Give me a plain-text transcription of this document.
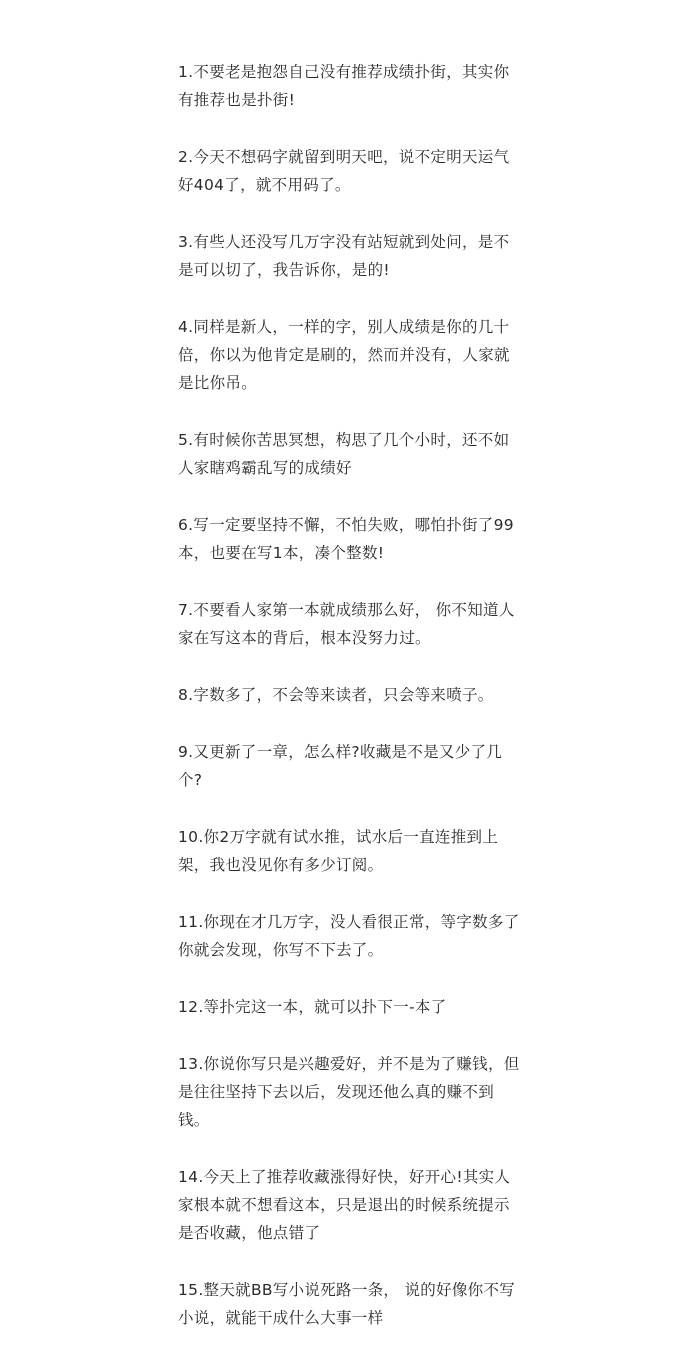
1.不要老是抱怨自己没有推荐成绩扑街，其实你有推荐也是扑街!

2.今天不想码字就留到明天吧，说不定明天运气好404了，就不用码了。

3.有些人还没写几万字没有站短就到处问，是不是可以切了，我告诉你，是的!

4.同样是新人，一样的字，别人成绩是你的几十倍，你以为他肯定是刷的，然而并没有，人家就是比你吊。

5.有时候你苦思冥想，构思了几个小时，还不如人家瞎鸡霸乱写的成绩好

6.写一定要坚持不懈，不怕失败，哪怕扑街了99本，也要在写1本，凑个整数!

7.不要看人家第一本就成绩那么好， 你不知道人家在写这本的背后，根本没努力过。

8.字数多了，不会等来读者，只会等来喷子。

9.又更新了一章，怎么样?收藏是不是又少了几个?

10.你2万字就有试水推，试水后一直连推到上架，我也没见你有多少订阅。

11.你现在才几万字，没人看很正常，等字数多了你就会发现，你写不下去了。

12.等扑完这一本，就可以扑下一-本了

13.你说你写只是兴趣爱好，并不是为了赚钱，但是往往坚持下去以后，发现还他么真的赚不到钱。

14.今天上了推荐收藏涨得好快，好开心!其实人家根本就不想看这本，只是退出的时候系统提示是否收藏，他点错了

15.整天就BB写小说死路一条， 说的好像你不写小说，就能干成什么大事一样
